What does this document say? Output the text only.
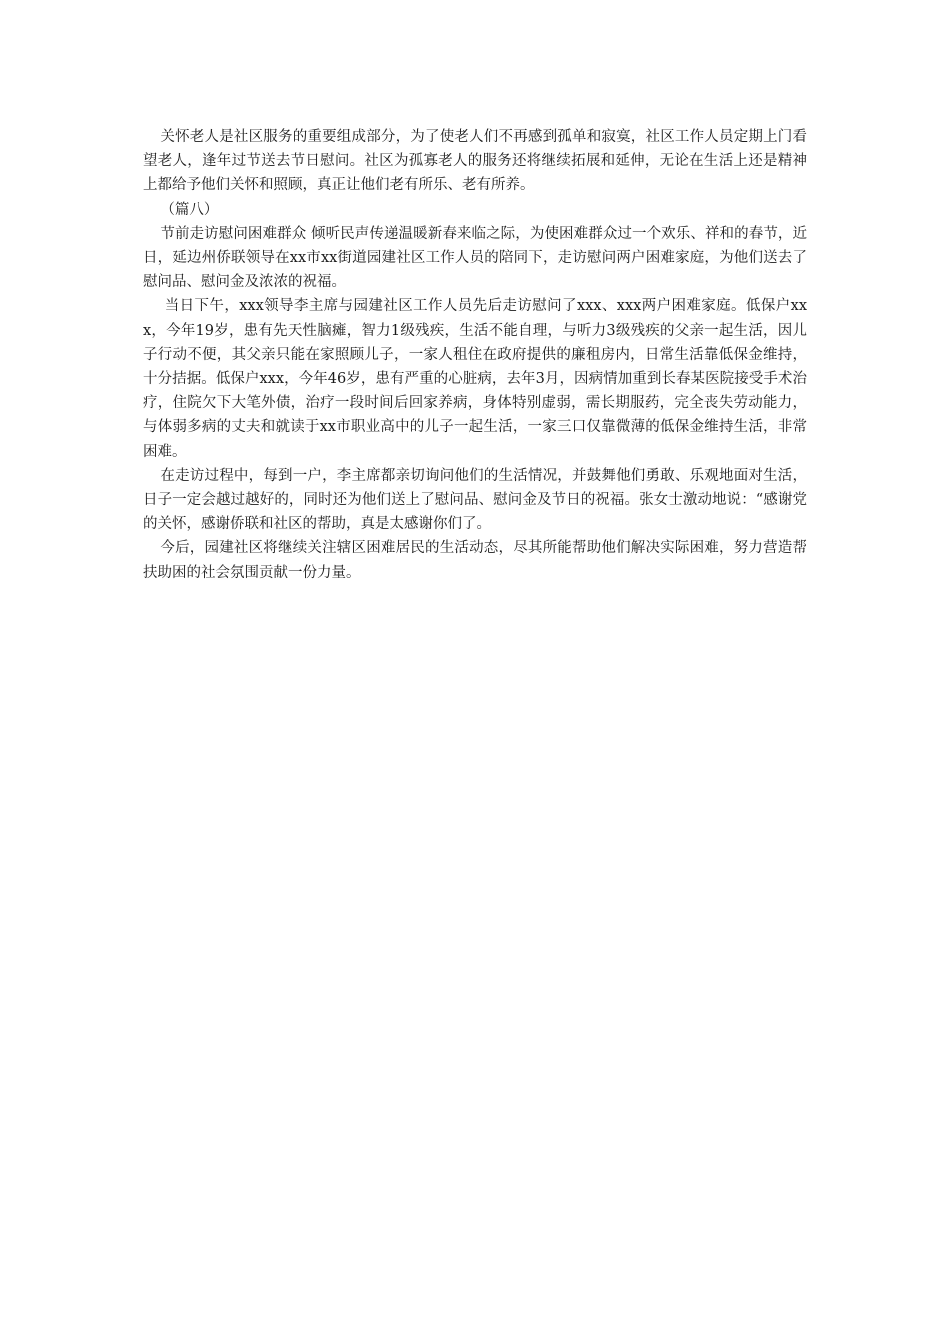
关怀老人是社区服务的重要组成部分，为了使老人们不再感到孤单和寂寞，社区工作人员定期上门看望老人，逢年过节送去节日慰问。社区为孤寡老人的服务还将继续拓展和延伸，无论在生活上还是精神上都给予他们关怀和照顾，真正让他们老有所乐、老有所养。

（篇八）

节前走访慰问困难群众 倾听民声传递温暖新春来临之际，为使困难群众过一个欢乐、祥和的春节，近日，延边州侨联领导在xx市xx街道园建社区工作人员的陪同下，走访慰问两户困难家庭，为他们送去了慰问品、慰问金及浓浓的祝福。

当日下午，xxx领导李主席与园建社区工作人员先后走访慰问了xxx、xxx两户困难家庭。低保户xxx，今年19岁，患有先天性脑瘫，智力1级残疾，生活不能自理，与听力3级残疾的父亲一起生活，因儿子行动不便，其父亲只能在家照顾儿子，一家人租住在政府提供的廉租房内，日常生活靠低保金维持，十分拮据。低保户xxx，今年46岁，患有严重的心脏病，去年3月，因病情加重到长春某医院接受手术治疗，住院欠下大笔外债，治疗一段时间后回家养病，身体特别虚弱，需长期服药，完全丧失劳动能力，与体弱多病的丈夫和就读于xx市职业高中的儿子一起生活，一家三口仅靠微薄的低保金维持生活，非常困难。

在走访过程中，每到一户，李主席都亲切询问他们的生活情况，并鼓舞他们勇敢、乐观地面对生活，日子一定会越过越好的，同时还为他们送上了慰问品、慰问金及节日的祝福。张女士激动地说：“感谢党的关怀，感谢侨联和社区的帮助，真是太感谢你们了。

今后，园建社区将继续关注辖区困难居民的生活动态，尽其所能帮助他们解决实际困难，努力营造帮扶助困的社会氛围贡献一份力量。
